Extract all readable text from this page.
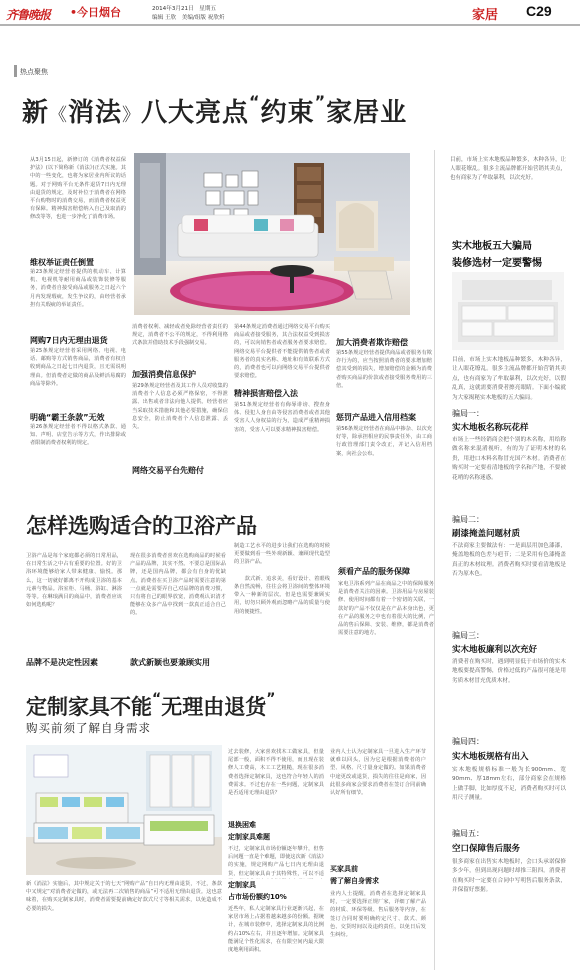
齐鲁晚报	•今日烟台	2014年3月21日　星期五
编辑 王欣　美编/组版 祝欣炘	家居 C29
热点聚焦
新《消法》八大亮点“约束”家居业
从3月15日起，新修订的《消费者权益保护法》(以下简称新《消法》)正式实施。其中的一些变化，也将为家居业内所议的话题。对于网购平台无条件退货7日内无理由退货的规定，及时补位于消费者在网络平台购物时的消费交易，而消费者权益更有保障。精神损害赔偿纳入自己及取消的修改等等，也进一步净化了消费市场。
维权举证责任倒置
第23条规定经营者提供的机动车、计算机、电视机等耐用商品或装饰装修等服务，消费者自接受商品或服务之日起六个月内发现瑕疵，发生争议的，由经营者承担有关瑕疵的举证责任。
网购7日内无理由退货
第25条规定经营者采用网络、电视、电话、邮购等方式销售商品，消费者有权自收到商品之日起七日内退货，且无需说明理由。但消费者定做的商品及鲜活易腐的商品等除外。
明确“霸王条款”无效
第26条规定经营者不得以格式条款、通知、声明、店堂告示等方式，作出排除或者限制消费者权利的规定。
消费者权利、减轻或者免除经营者责任的规定，消费者不公平的规定，不得利用格式条款并借助技术手段强制交易。
加强消费信息保护
第29条规定经营者及其工作人员对收集的消费者个人信息必须严格保密，不得泄露、出售或者非法向他人提供。经营者应当采取技术措施和其他必要措施，确保信息安全，防止消费者个人信息泄露、丢失。
网络交易平台先赔付
第44条规定消费者通过网络交易平台购买商品或者接受服务，其合法权益受到损害的，可以向销售者或者服务者要求赔偿。网络交易平台提供者不能提供销售者或者服务者的真实名称、地址和有效联系方式的，消费者也可以向网络交易平台提供者要求赔偿。
精神损害赔偿入法
第51条规定经营者有侮辱诽谤、搜查身体、侵犯人身自由等侵害消费者或者其他受害人人身权益的行为，造成严重精神损害的，受害人可以要求精神损害赔偿。
加大消费者欺诈赔偿
第55条规定经营者提供商品或者服务有欺诈行为的，应当按照消费者的要求增加赔偿其受到的损失，增加赔偿的金额为消费者购买商品的价款或者接受服务费用的三倍。
惩罚产品进入信用档案
第56条规定经营者在商品中掺杂、以次充好等，除承担相应的民事责任外，由工商行政管理部门责令改正，并记入信用档案，向社会公布。
怎样选购适合的卫浴产品
卫浴产品是每个家庭都必须的日常用品，在日常生活之中占有重要的位置。好的卫浴环境能够给家人带来健康、愉悦。那么，这一切就好都离不开构成卫浴的基本元素与物品。浴室柜、马桶、浴缸、淋浴等等。在琳琅满目的商品中，消费者应该如何选购呢？
品牌不是决定性因素
现在很多消费者喜欢在选购商品的时候看产品的品牌，其实不然。不要总是国际品牌，还是国内品牌，都会有自身的优缺点。消费者在买卫浴产品时需要注意的第一点就是需要弄自己对品牌的消费习惯，只有将自己的眼界放宽，消费观认识清才能够在众多产品中找到一款真正适合自己的。
款式新颖也要兼顾实用
制造工艺水平的进步让我们在选购的时候更要做到看一些外观新颖、兼顾现代造型的卫浴产品。

　　款式新、追求美，看好设计、着眼线条自然流畅，往往会将卫浴间的整体环境带入一种新的层次。但是也需要兼顾实用，切勿只顾外观而忽略产品的质量与使用的便捷性。
须看产品的服务保障
家电卫浴系列产品在商品之中的保障服务是消费者关注的因素。卫浴用品与房屋装修、使用时间都有着一个密切的关联，一款好的产品不仅仅是在产品本身出色，更在产品的服务之中也有着很大的比例，产品的售后保障、安装、维修，都是消费者需要注意的地方。
定制家具不能“无理由退货”
购买前须了解自身需求
新《消法》实施后，其中规定关于的七天“网购产品”自日内无理由退货，不过，条款中又规定“对消费者定做的，或无法再二次销售的商品”可不适用无理由退货。这也意味着，在购买定制家具时，消费者需要提前确定好款式尺寸等相关需求，以免造成不必要的损失。
过去装修，大家喜欢找木工做家具，但量尾部一般，面积不得不使用，而且现在装修人工费高，木工工艺粗糙，现在很多消费者选择定制家具，这也符合年轻人的消费需求。不过也存在一些问题，定制家具是否适用无理由退货？
退换困难
定制家具难题
不过，定制家具市场份额逐年攀升，但售后问题一直是个难题，即使这次新《消法》的实施，规定网购产品七日内无理由退货，但定制家具由于其特殊性，可以不适
定制家具
占市场份额约10%
近些年，私人定制家具行业逐渐兴起，在家居市场上占据着越来越多的份额。据统计，在城市装修中，选择定制家具的比例约占10%左右，并且逐年增加。定制家具能满足个性化需求，在有限空间内最大限度地利用面积。
业内人士认为定制家具一旦进入生产环节就难以回头，因为它是根据消费者的户型、风格、尺寸量身定做的。如果消费者中途更改或退货，损失的往往是商家，因此很多商家会要求消费者在签订合同前确认好所有细节。
买家具前
需了解自身需求
业内人士提醒，消费者在选择定制家具时，一定要选择正规厂家，详细了解产品的材质、环保等级、售后服务等内容，在签订合同时要明确约定尺寸、款式、颜色、交货时间以及违约责任，以免日后发生纠纷。
目前，市场上实木地板品种繁多，木种各异，让人眼花缭乱。很多主流品牌都开始营销其卖点，也有商家为了牟取暴利，以次充好。
实木地板五大骗局
装修选材一定要警惕
目前，市场上实木地板品种繁多，木种各异，让人眼花缭乱。很多主流品牌都开始营销其卖点，也有商家为了牟取暴利，以次充好，以假乱真，这就需要消费者擦亮眼睛。下面小编就为大家揭秘实木地板的五大骗局。
骗局一：
实木地板名称玩花样
市场上一些经销商会把个别的木名称，用给称做名称来混淆视听，有的为了证明木材的名贵，用进口木料名称冒充国产木材。消费者在购买时一定要看清地板的学名和产地，不要被花哨的名称迷惑。
骗局二：
刷漆掩盖问题材质
不法商家主要做法有：一是面层用加色漆漆，掩盖地板的色差与疤节；二是采用有色漆掩盖真正的木材纹理。消费者购买时要看清地板是否为原木色。
骗局三：
实木地板廉利以次充好
消费者在购买时，遇到明显低于市场价的实木地板要提高警惕，价格过低的产品很可能是用劣质木材冒充优质木材。
骗局四：
实木地板规格有出入
实木地板规格标准一般为长900mm、宽90mm、厚18mm左右，部分商家会在规格上做手脚，比如厚度不足，消费者购买时可以用尺子测量。
骗局五：
空口保障售后服务
很多商家在出售实木地板时，会口头承诺保修多少年，但到出现问题时却推三阻四。消费者在购买时一定要在合同中写明售后服务条款，并保留好票据。
